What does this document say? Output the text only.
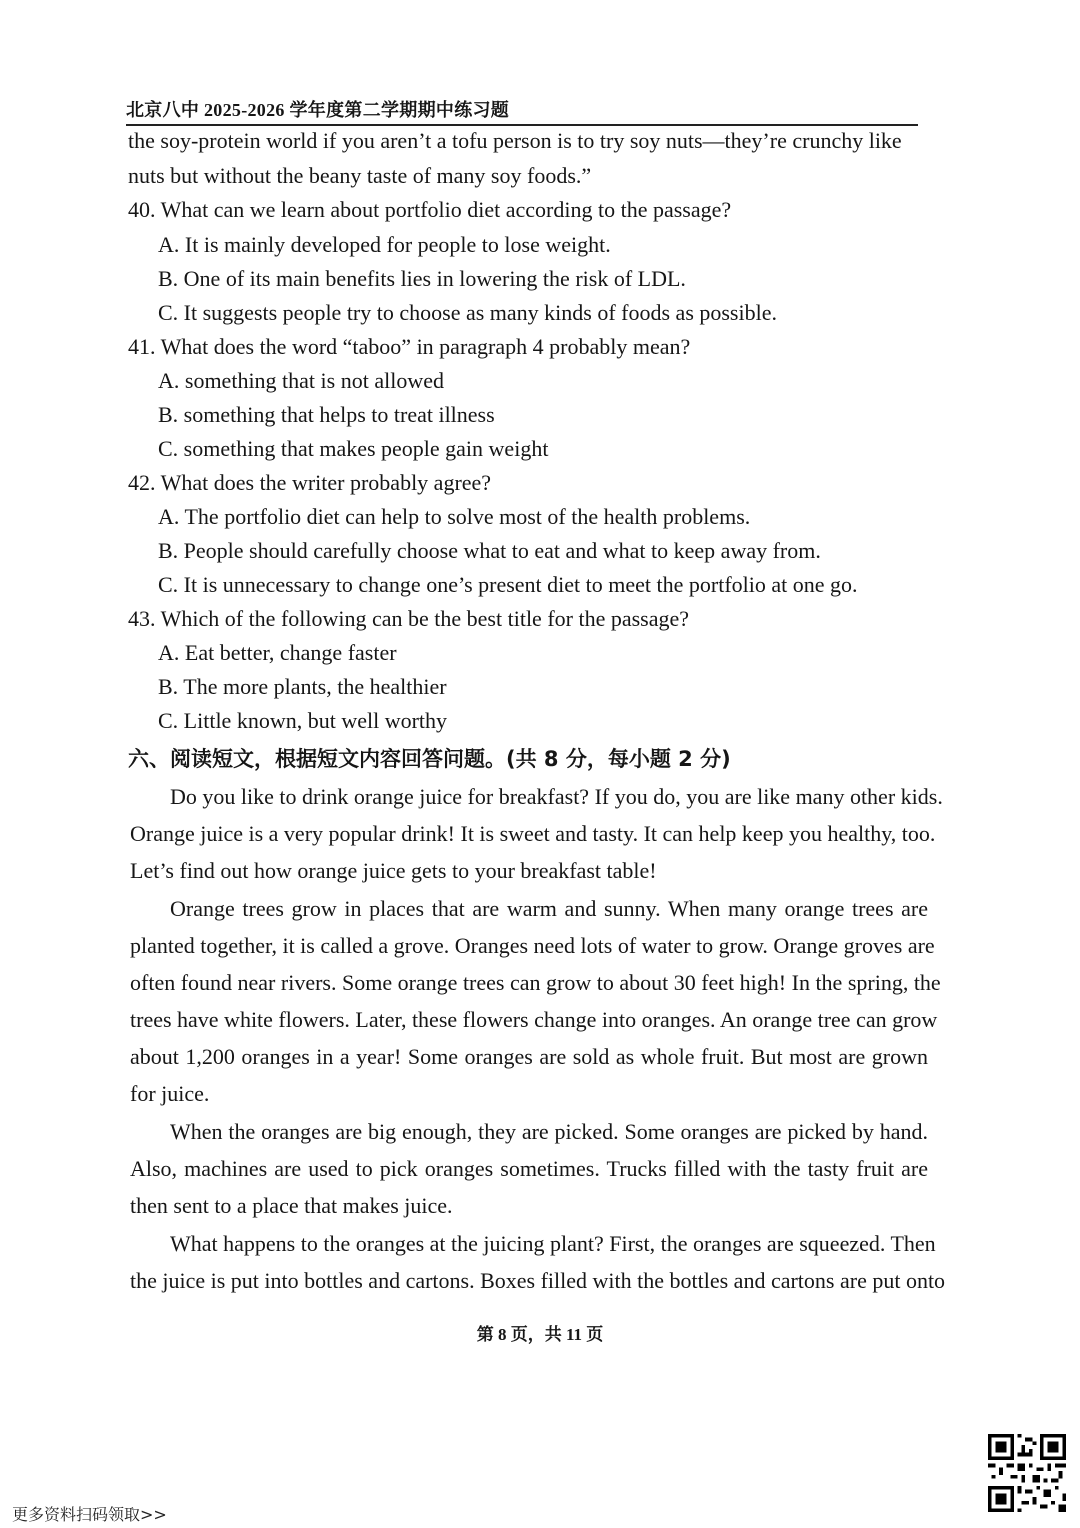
北京八中 2025-2026 学年度第二学期期中练习题
the soy-protein world if you aren’t a tofu person is to try soy nuts—they’re crunchy like
nuts but without the beany taste of many soy foods.”
40. What can we learn about portfolio diet according to the passage?
A. It is mainly developed for people to lose weight.
B. One of its main benefits lies in lowering the risk of LDL.
C. It suggests people try to choose as many kinds of foods as possible.
41. What does the word “taboo” in paragraph 4 probably mean?
A. something that is not allowed
B. something that helps to treat illness
C. something that makes people gain weight
42. What does the writer probably agree?
A. The portfolio diet can help to solve most of the health problems.
B. People should carefully choose what to eat and what to keep away from.
C. It is unnecessary to change one’s present diet to meet the portfolio at one go.
43. Which of the following can be the best title for the passage?
A. Eat better, change faster
B. The more plants, the healthier
C. Little known, but well worthy
六、阅读短文，根据短文内容回答问题。(共 8 分，每小题 2 分)
Do you like to drink orange juice for breakfast? If you do, you are like many other kids.
Orange juice is a very popular drink! It is sweet and tasty. It can help keep you healthy, too.
Let’s find out how orange juice gets to your breakfast table!
Orange trees grow in places that are warm and sunny. When many orange trees are
planted together, it is called a grove. Oranges need lots of water to grow. Orange groves are
often found near rivers. Some orange trees can grow to about 30 feet high! In the spring, the
trees have white flowers. Later, these flowers change into oranges. An orange tree can grow
about 1,200 oranges in a year! Some oranges are sold as whole fruit. But most are grown
for juice.
When the oranges are big enough, they are picked. Some oranges are picked by hand.
Also, machines are used to pick oranges sometimes. Trucks filled with the tasty fruit are
then sent to a place that makes juice.
What happens to the oranges at the juicing plant? First, the oranges are squeezed. Then
the juice is put into bottles and cartons. Boxes filled with the bottles and cartons are put onto
第 8 页，共 11 页
更多资料扫码领取>>
